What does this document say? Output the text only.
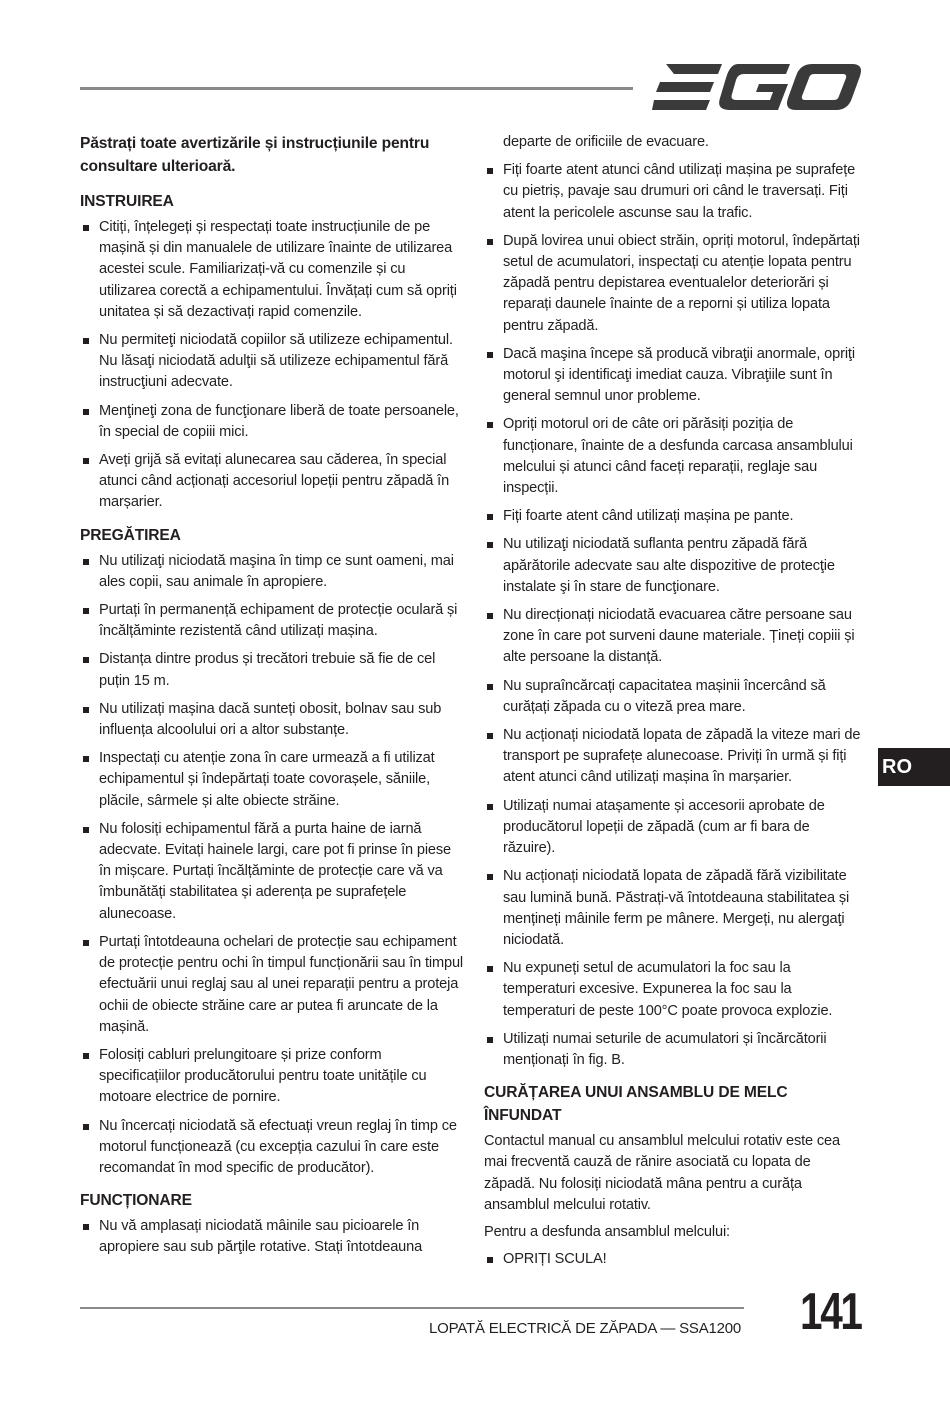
Păstrați toate avertizările și instrucțiunile pentru consultare ulterioară.
INSTRUIREA
Citiți, înțelegeți și respectați toate instrucțiunile de pe mașină și din manualele de utilizare înainte de utilizarea acestei scule. Familiarizați-vă cu comenzile și cu utilizarea corectă a echipamentului. Învățați cum să opriți unitatea și să dezactivați rapid comenzile.
Nu permiteţi niciodată copiilor să utilizeze echipamentul. Nu lăsaţi niciodată adulţii să utilizeze echipamentul fără instrucţiuni adecvate.
Menţineţi zona de funcţionare liberă de toate persoanele, în special de copiii mici.
Aveți grijă să evitați alunecarea sau căderea, în special atunci când acționați accesoriul lopeții pentru zăpadă în marșarier.
PREGĂTIREA
Nu utilizaţi niciodată maşina în timp ce sunt oameni, mai ales copii, sau animale în apropiere.
Purtați în permanență echipament de protecție oculară și încălțăminte rezistentă când utilizați mașina.
Distanța dintre produs și trecători trebuie să fie de cel puțin 15 m.
Nu utilizați mașina dacă sunteți obosit, bolnav sau sub influența alcoolului ori a altor substanțe.
Inspectați cu atenție zona în care urmează a fi utilizat echipamentul și îndepărtați toate covorașele, săniile, plăcile, sârmele și alte obiecte străine.
Nu folosiți echipamentul fără a purta haine de iarnă adecvate. Evitați hainele largi, care pot fi prinse în piese în mișcare. Purtați încălțăminte de protecție care vă va îmbunătăți stabilitatea și aderența pe suprafețele alunecoase.
Purtați întotdeauna ochelari de protecție sau echipament de protecție pentru ochi în timpul funcționării sau în timpul efectuării unui reglaj sau al unei reparații pentru a proteja ochii de obiecte străine care ar putea fi aruncate de la mașină.
Folosiți cabluri prelungitoare și prize conform specificațiilor producătorului pentru toate unitățile cu motoare electrice de pornire.
Nu încercați niciodată să efectuați vreun reglaj în timp ce motorul funcționează (cu excepția cazului în care este recomandat în mod specific de producător).
FUNCȚIONARE
Nu vă amplasați niciodată mâinile sau picioarele în apropiere sau sub părţile rotative. Stați întotdeauna
departe de orificiile de evacuare.
Fiți foarte atent atunci când utilizați mașina pe suprafețe cu pietriș, pavaje sau drumuri ori când le traversați. Fiți atent la pericolele ascunse sau la trafic.
După lovirea unui obiect străin, opriți motorul, îndepărtați setul de acumulatori, inspectați cu atenție lopata pentru zăpadă pentru depistarea eventualelor deteriorări și reparați daunele înainte de a reporni și utiliza lopata pentru zăpadă.
Dacă maşina începe să producă vibraţii anormale, opriţi motorul şi identificaţi imediat cauza. Vibraţiile sunt în general semnul unor probleme.
Opriți motorul ori de câte ori părăsiți poziția de funcționare, înainte de a desfunda carcasa ansamblului melcului și atunci când faceți reparații, reglaje sau inspecții.
Fiți foarte atent când utilizați mașina pe pante.
Nu utilizaţi niciodată suflanta pentru zăpadă fără apărătorile adecvate sau alte dispozitive de protecţie instalate şi în stare de funcţionare.
Nu direcționați niciodată evacuarea către persoane sau zone în care pot surveni daune materiale. Țineți copiii și alte persoane la distanță.
Nu supraîncărcați capacitatea mașinii încercând să curățați zăpada cu o viteză prea mare.
Nu acționați niciodată lopata de zăpadă la viteze mari de transport pe suprafețe alunecoase. Priviți în urmă și fiți atent atunci când utilizați mașina în marșarier.
Utilizați numai atașamente și accesorii aprobate de producătorul lopeții de zăpadă (cum ar fi bara de răzuire).
Nu acționați niciodată lopata de zăpadă fără vizibilitate sau lumină bună. Păstrați-vă întotdeauna stabilitatea și mențineți mâinile ferm pe mânere. Mergeți, nu alergaţi niciodată.
Nu expuneți setul de acumulatori la foc sau la temperaturi excesive. Expunerea la foc sau la temperaturi de peste 100°C poate provoca explozie.
Utilizați numai seturile de acumulatori și încărcătorii menționați în fig. B.
CURĂȚAREA UNUI ANSAMBLU DE MELC ÎNFUNDAT

Contactul manual cu ansamblul melcului rotativ este cea mai frecventă cauză de rănire asociată cu lopata de zăpadă. Nu folosiți niciodată mâna pentru a curăța ansamblul melcului rotativ.

Pentru a desfunda ansamblul melcului:

OPRIȚI SCULA!
RO
LOPATĂ ELECTRICĂ DE ZĂPADA — SSA1200 141
